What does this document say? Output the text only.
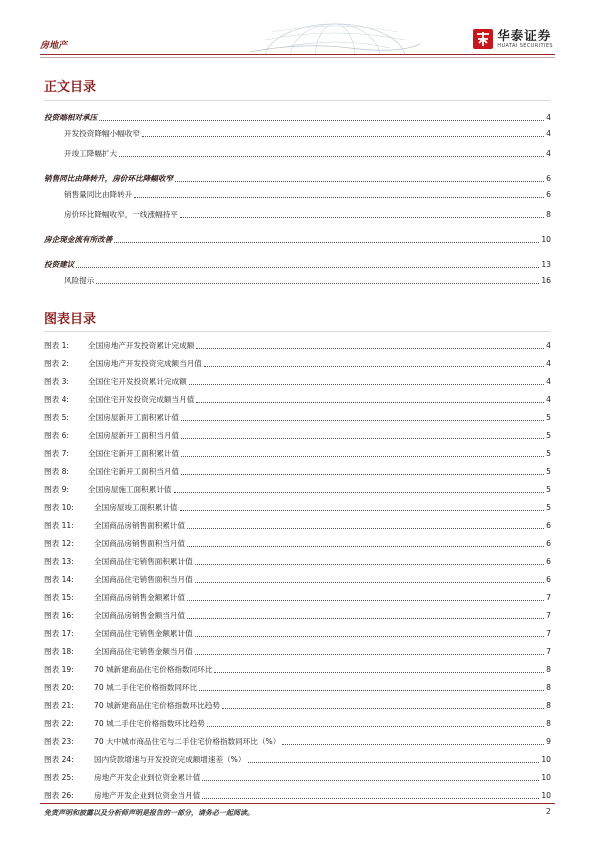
房地产
华泰证券
HUATAI SECURITIES
正文目录
投资端相对承压	4
开发投资降幅小幅收窄	4
开竣工降幅扩大	4
销售同比由降转升，房价环比降幅收窄	6
销售量同比由降转升	6
房价环比降幅收窄，一线涨幅持平	8
房企现金流有所改善	10
投资建议	13
风险提示	16
图表目录
图表 1:	全国房地产开发投资累计完成额	4
图表 2:	全国房地产开发投资完成额当月值	4
图表 3:	全国住宅开发投资累计完成额	4
图表 4:	全国住宅开发投资完成额当月值	4
图表 5:	全国房屋新开工面积累计值	5
图表 6:	全国房屋新开工面积当月值	5
图表 7:	全国住宅新开工面积累计值	5
图表 8:	全国住宅新开工面积当月值	5
图表 9:	全国房屋施工面积累计值	5
图表 10:	全国房屋竣工面积累计值	5
图表 11:	全国商品房销售面积累计值	6
图表 12:	全国商品房销售面积当月值	6
图表 13:	全国商品住宅销售面积累计值	6
图表 14:	全国商品住宅销售面积当月值	6
图表 15:	全国商品房销售金额累计值	7
图表 16:	全国商品房销售金额当月值	7
图表 17:	全国商品住宅销售金额累计值	7
图表 18:	全国商品住宅销售金额当月值	7
图表 19:	70 城新建商品住宅价格指数同环比	8
图表 20:	70 城二手住宅价格指数同环比	8
图表 21:	70 城新建商品住宅价格指数环比趋势	8
图表 22:	70 城二手住宅价格指数环比趋势	8
图表 23:	70 大中城市商品住宅与二手住宅价格指数同环比（%）	9
图表 24:	国内贷款增速与开发投资完成额增速差（%）	10
图表 25:	房地产开发企业到位资金累计值	10
图表 26:	房地产开发企业到位资金当月值	10
免责声明和披露以及分析师声明是报告的一部分，请务必一起阅读。	2
